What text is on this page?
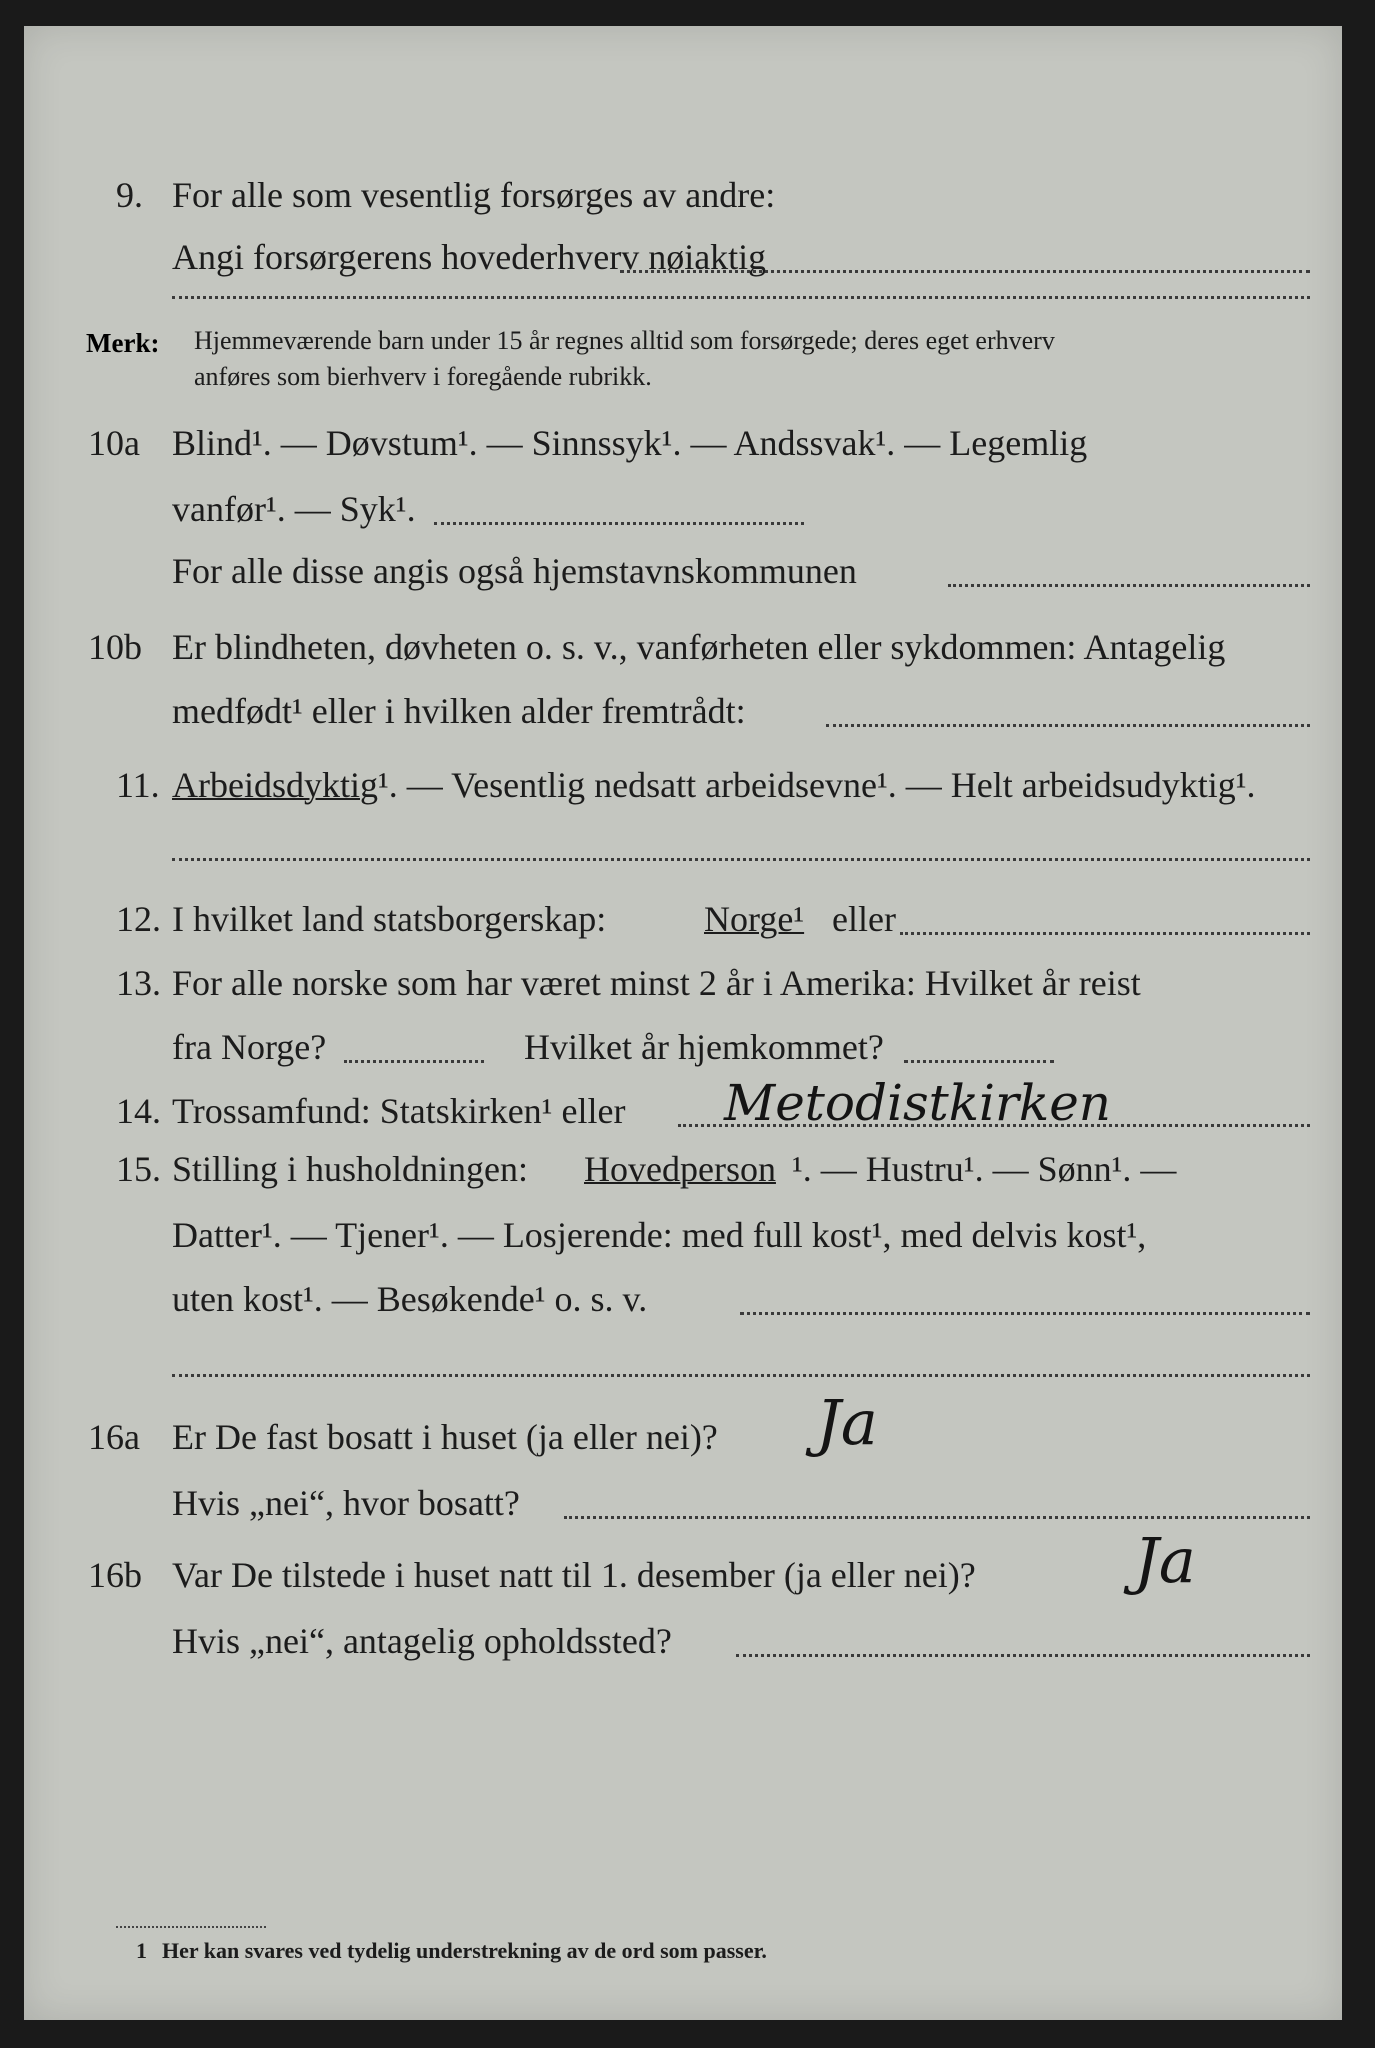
9. For alle som vesentlig forsørges av andre:
Angi forsørgerens hovederhverv nøiaktig
Merk: Hjemmeværende barn under 15 år regnes alltid som forsørgede; deres eget erhverv
anføres som bierhverv i foregående rubrikk.
10a Blind¹. — Døvstum¹. — Sinnssyk¹. — Andssvak¹. — Legemlig
vanfør¹. — Syk¹.
For alle disse angis også hjemstavnskommunen
10b Er blindheten, døvheten o. s. v., vanførheten eller sykdommen: Antagelig
medfødt¹ eller i hvilken alder fremtrådt:
11. Arbeidsdyktig¹. — Vesentlig nedsatt arbeidsevne¹. — Helt arbeidsudyktig¹.
12. I hvilket land statsborgerskap:	Norge¹ eller
13. For alle norske som har været minst 2 år i Amerika: Hvilket år reist
fra Norge?	Hvilket år hjemkommet?
14. Trossamfund: Statskirken¹ eller Metodistkirken
15. Stilling i husholdningen: Hovedperson ¹. — Hustru¹. — Sønn¹. —
Datter¹. — Tjener¹. — Losjerende: med full kost¹, med delvis kost¹,
uten kost¹. — Besøkende¹ o. s. v.
16a Er De fast bosatt i huset (ja eller nei)? Ja
Hvis „nei“, hvor bosatt?
16b Var De tilstede i huset natt til 1. desember (ja eller nei)?	Ja
Hvis „nei“, antagelig opholdssted?
1 Her kan svares ved tydelig understrekning av de ord som passer.
